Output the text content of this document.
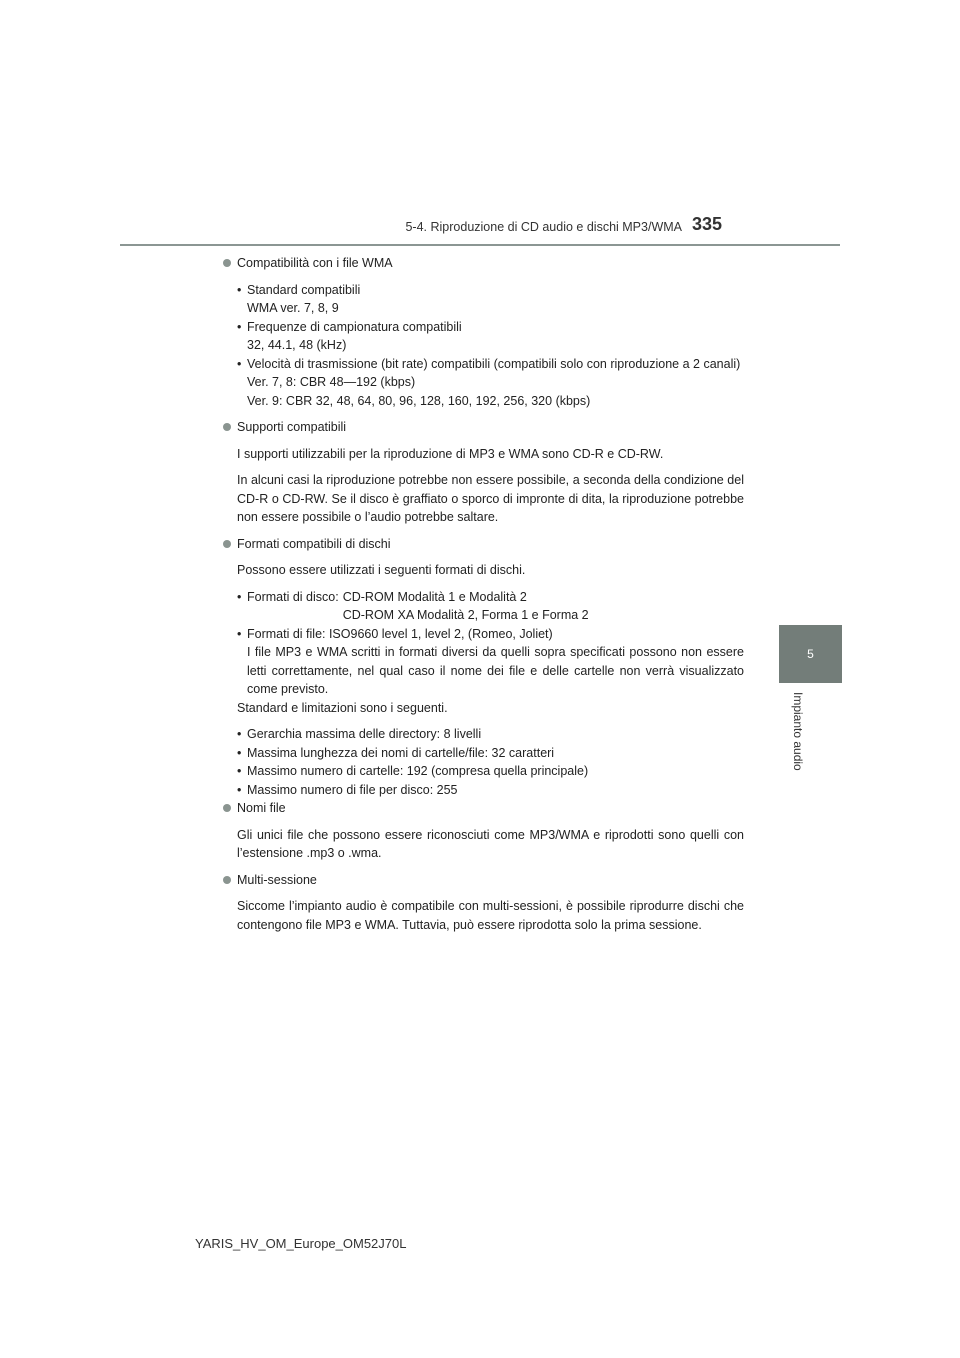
5-4. Riproduzione di CD audio e dischi MP3/WMA 335
5
Impianto audio
Compatibilità con i file WMA
• Standard compatibili
WMA ver. 7, 8, 9
• Frequenze di campionatura compatibili
32, 44.1, 48 (kHz)
• Velocità di trasmissione (bit rate) compatibili (compatibili solo con riproduzione a 2 canali)
Ver. 7, 8: CBR 48—192 (kbps)
Ver. 9: CBR 32, 48, 64, 80, 96, 128, 160, 192, 256, 320 (kbps)
Supporti compatibili

I supporti utilizzabili per la riproduzione di MP3 e WMA sono CD-R e CD-RW.

In alcuni casi la riproduzione potrebbe non essere possibile, a seconda della condizione del CD-R o CD-RW. Se il disco è graffiato o sporco di impronte di dita, la riproduzione potrebbe non essere possibile o l’audio potrebbe saltare.

Formati compatibili di dischi

Possono essere utilizzati i seguenti formati di dischi.

• Formati di disco: CD-ROM Modalità 1 e Modalità 2
CD-ROM XA Modalità 2, Forma 1 e Forma 2
• Formati di file: ISO9660 level 1, level 2, (Romeo, Joliet)
I file MP3 e WMA scritti in formati diversi da quelli sopra specificati possono non essere letti correttamente, nel qual caso il nome dei file e delle cartelle non verrà visualizzato come previsto.
Standard e limitazioni sono i seguenti.
• Gerarchia massima delle directory: 8 livelli
• Massima lunghezza dei nomi di cartelle/file: 32 caratteri
• Massimo numero di cartelle: 192 (compresa quella principale)
• Massimo numero di file per disco: 255
Nomi file

Gli unici file che possono essere riconosciuti come MP3/WMA e riprodotti sono quelli con l’estensione .mp3 o .wma.

Multi-sessione

Siccome l’impianto audio è compatibile con multi-sessioni, è possibile riprodurre dischi che contengono file MP3 e WMA. Tuttavia, può essere riprodotta solo la prima sessione.

YARIS_HV_OM_Europe_OM52J70L
